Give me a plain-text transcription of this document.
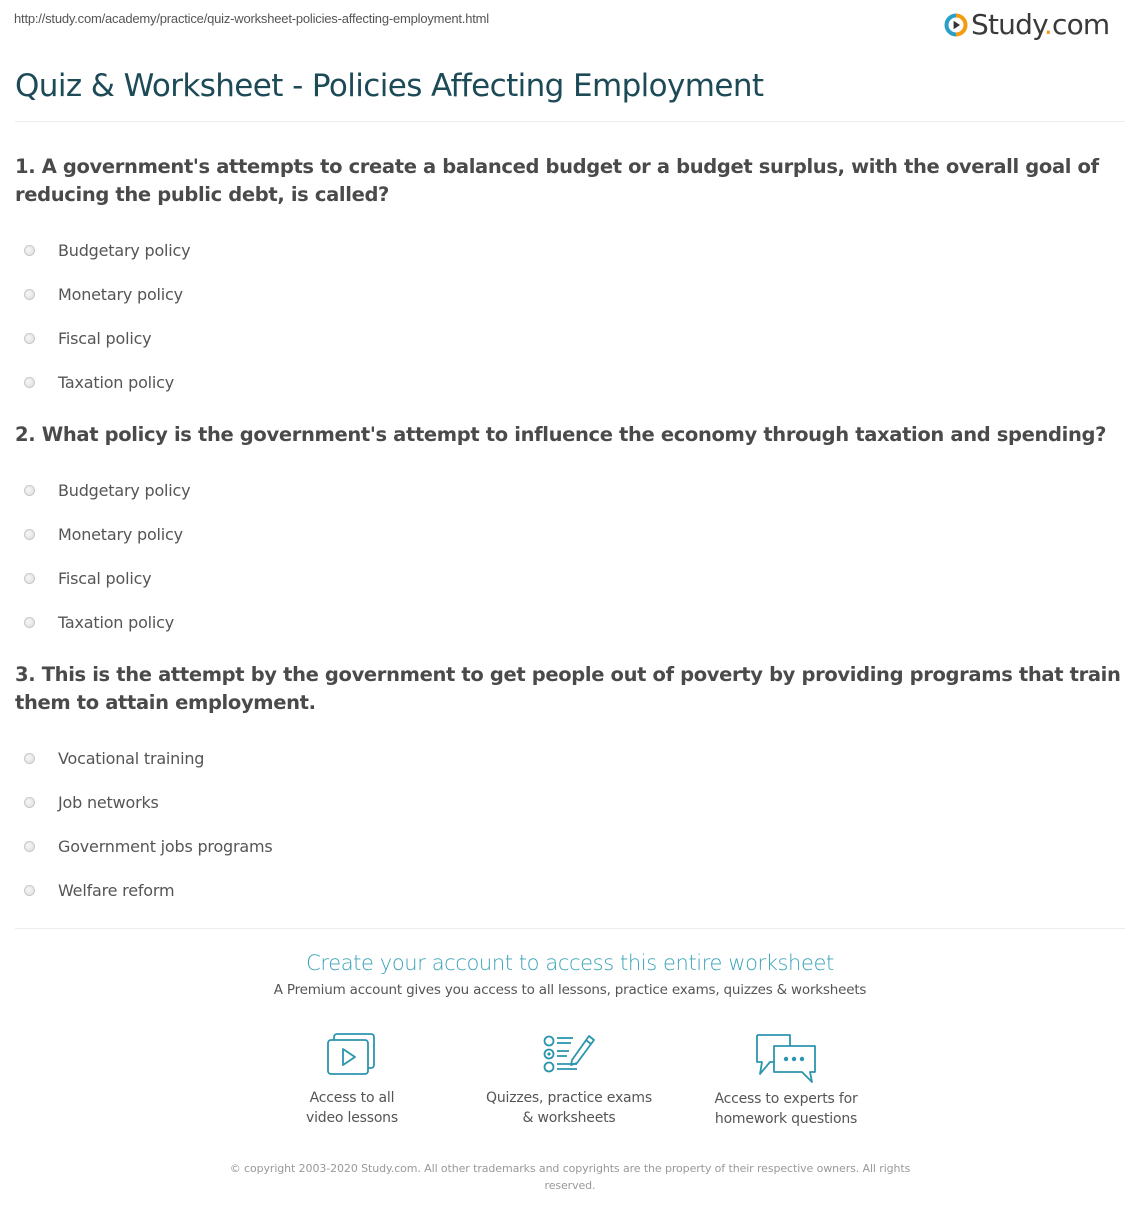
http://study.com/academy/practice/quiz-worksheet-policies-affecting-employment.html	Study.com
Quiz & Worksheet - Policies Affecting Employment
1. A government's attempts to create a balanced budget or a budget surplus, with the overall goal of reducing the public debt, is called?
Budgetary policy
Monetary policy
Fiscal policy
Taxation policy
2. What policy is the government's attempt to influence the economy through taxation and spending?
Budgetary policy
Monetary policy
Fiscal policy
Taxation policy
3. This is the attempt by the government to get people out of poverty by providing programs that train them to attain employment.
Vocational training
Job networks
Government jobs programs
Welfare reform
Create your account to access this entire worksheet
A Premium account gives you access to all lessons, practice exams, quizzes & worksheets
Access to all
video lessons
Quizzes, practice exams
& worksheets
Access to experts for
homework questions
© copyright 2003-2020 Study.com. All other trademarks and copyrights are the property of their respective owners. All rights reserved.
